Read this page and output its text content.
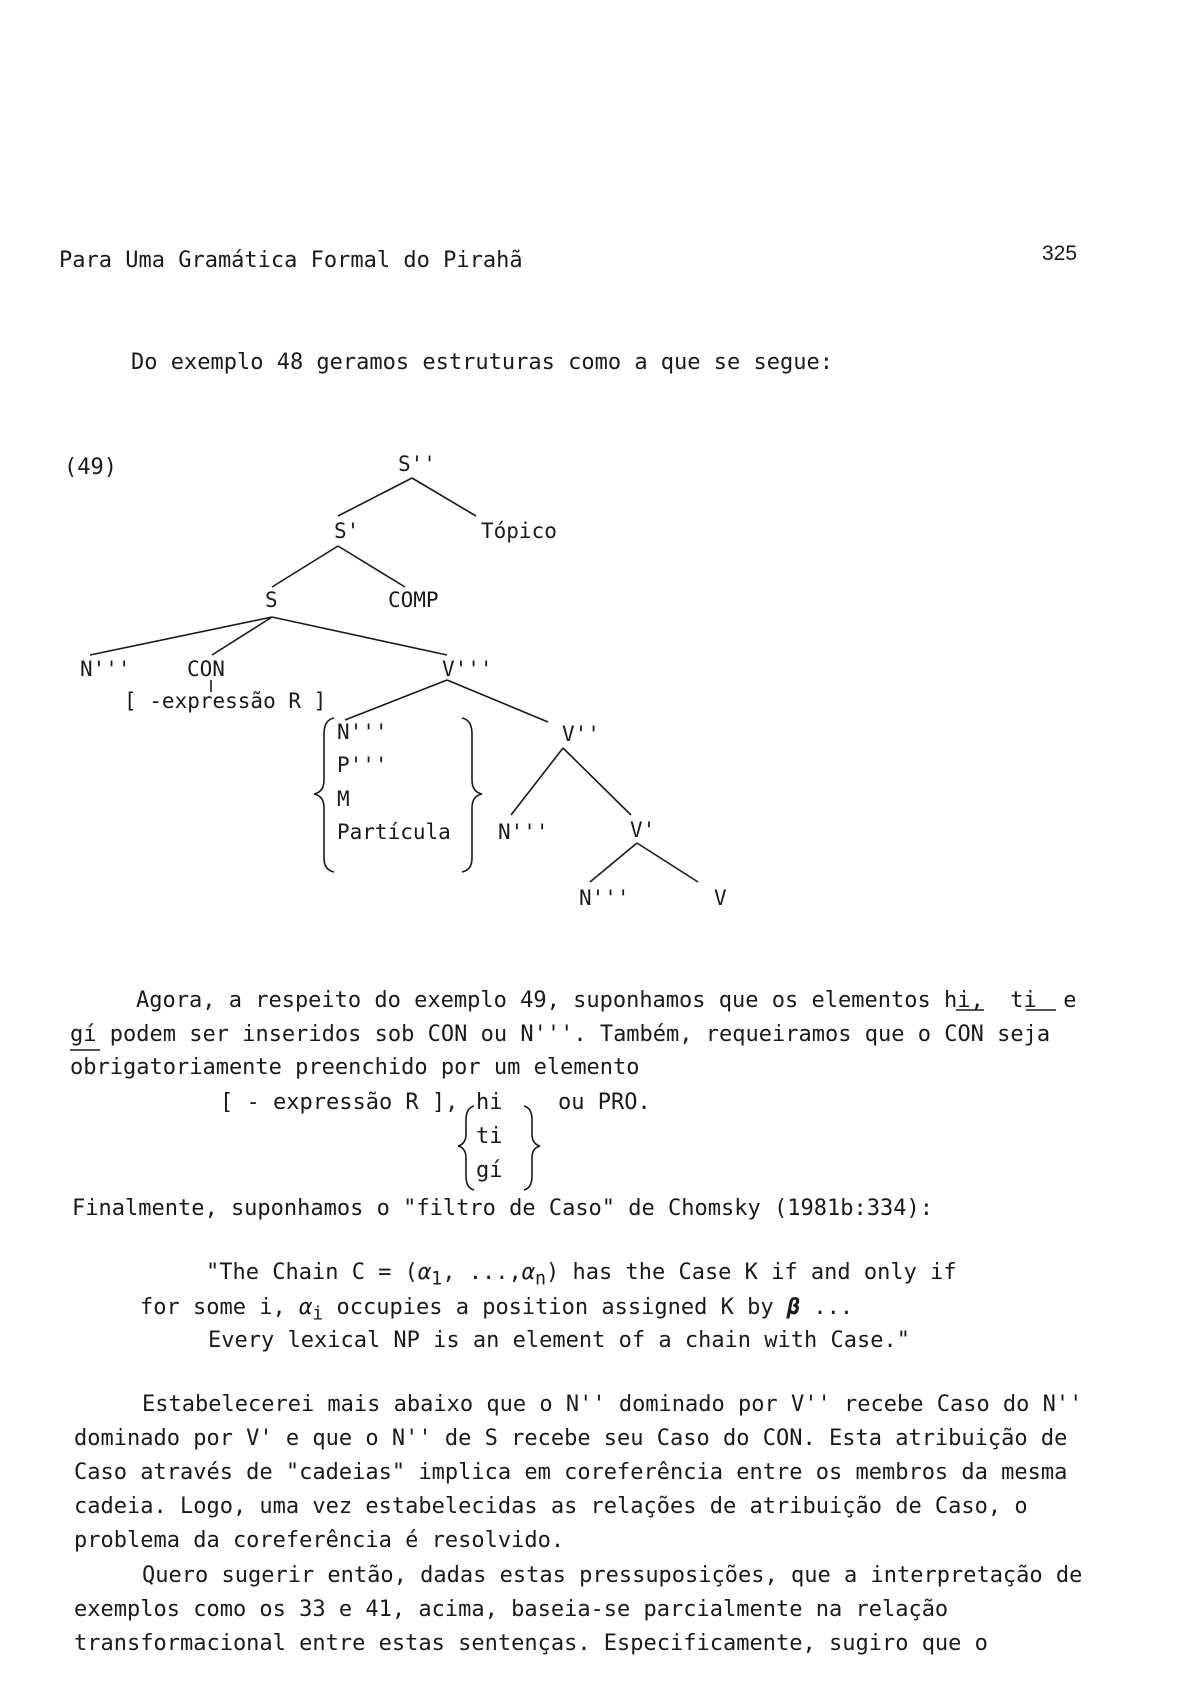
Para Uma Gramática Formal do Pirahã	325
Do exemplo 48 geramos estruturas como a que se segue:
(49)	S''
S'	Tópico
S	COMP
N'''	CON	V'''
[ -expressão R ]
N'''
P'''
M
Partícula
V''
N'''	V'
N'''	V
Agora, a respeito do exemplo 49, suponhamos que os elementos hi, ti e
gí podem ser inseridos sob CON ou N'''. Também, requeiramos que o CON seja
obrigatoriamente preenchido por um elemento
[ - expressão R ], hi
ti
gí
ou PRO.
Finalmente, suponhamos o "filtro de Caso" de Chomsky (1981b:334):
"The Chain $C = (\alpha_1$, $...,\alpha_n$) has the Case K if and only if
for some i, $\alpha_i$ occupies a position assigned K by β ...
Every lexical NP is an element of a chain with Case."
Estabelecerei mais abaixo que o N'' dominado por V'' recebe Caso do N''
dominado por V' e que o N'' de S recebe seu Caso do CON. Esta atribuição de
Caso através de "cadeias" implica em coreferência entre os membros da mesma
cadeia. Logo, uma vez estabelecidas as relações de atribuição de Caso, o
problema da coreferência é resolvido.
Quero sugerir então, dadas estas pressuposições, que a interpretação de
exemplos como os 33 e 41, acima, baseia-se parcialmente na relação
transformacional entre estas sentenças. Especificamente, sugiro que o
